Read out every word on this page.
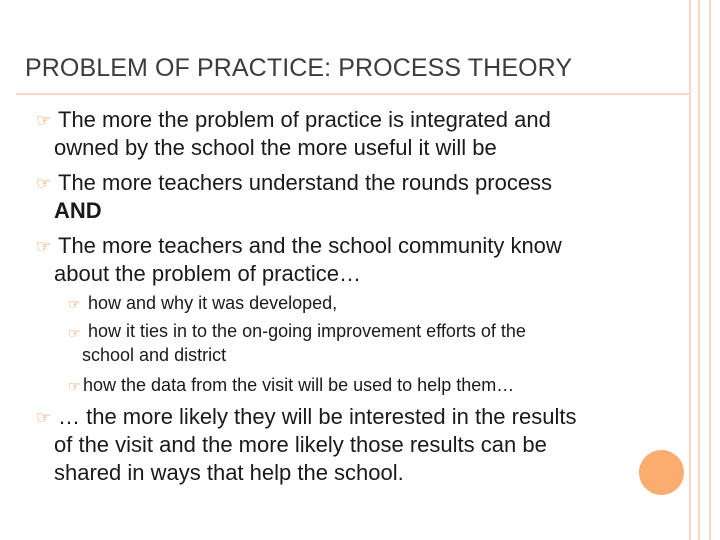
PROBLEM OF PRACTICE: PROCESS THEORY
☞ The more the problem of practice is integrated and
owned by the school the more useful it will be
☞ The more teachers understand the rounds process
AND
☞ The more teachers and the school community know
about the problem of practice…
☞ how and why it was developed,
☞ how it ties in to the on-going improvement efforts of the
school and district
☞ how the data from the visit will be used to help them…
☞ … the more likely they will be interested in the results
of the visit and the more likely those results can be
shared in ways that help the school.
